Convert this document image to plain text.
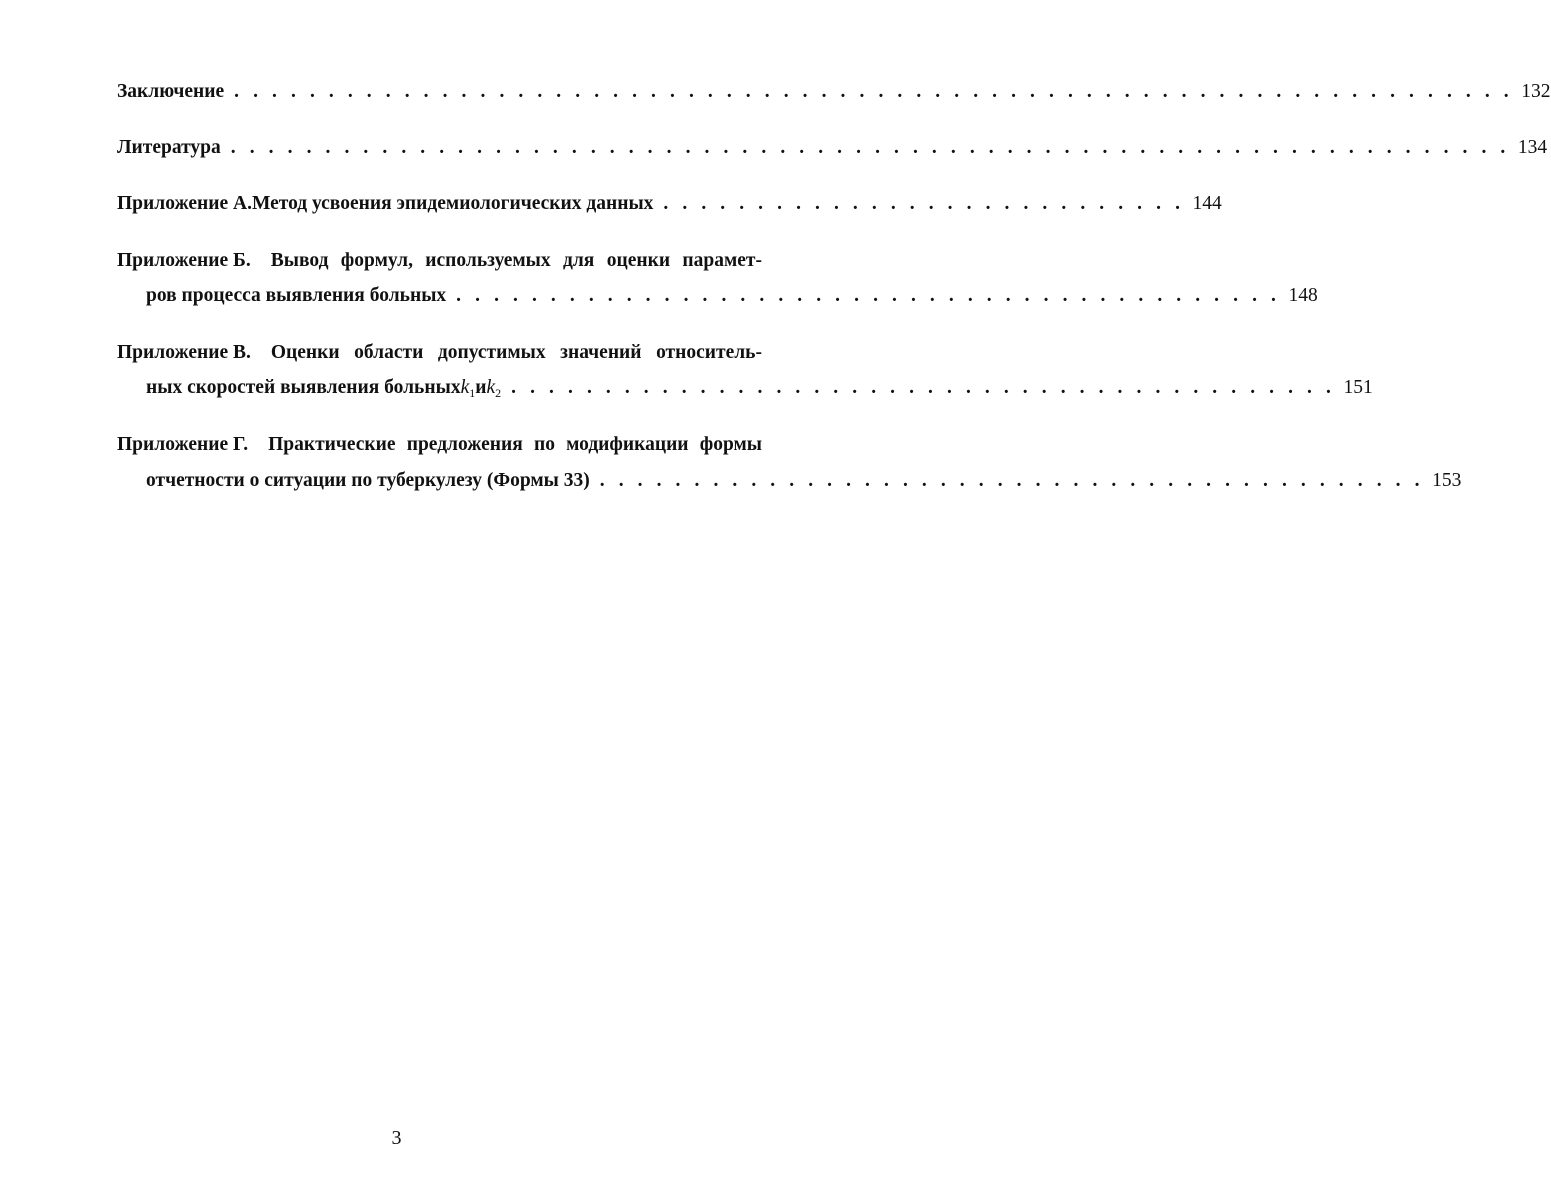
Заключение . . . . . . . . . . . . . . . . . . . . . . . . . . . . . . . . . . . . . . . . . . . . . . . . . . . . . . . . . . . . . . . . . . . . 132
Литература . . . . . . . . . . . . . . . . . . . . . . . . . . . . . . . . . . . . . . . . . . . . . . . . . . . . . . . . . . . . . . . . . . . . 134
Приложение А. Метод усвоения эпидемиологических данных . . . . . . . . . . . . . . . . . . . . . . . . . . . . 144
Приложение Б. Вывод формул, используемых для оценки парамет-
ров процесса выявления больных . . . . . . . . . . . . . . . . . . . . . . . . . . . . . . . . . . . . . . . . . . . . 148
Приложение В. Оценки области допустимых значений относитель-
ных скоростей выявления больных $k_1$ и $k_2$ . . . . . . . . . . . . . . . . . . . . . . . . . . . . . . . . . . . . . . . . . . . . 151
Приложение Г. Практические предложения по модификации формы
отчетности о ситуации по туберкулезу (Формы 33) . . . . . . . . . . . . . . . . . . . . . . . . . . . . . . . . . . . . . . . . . . . . 153
3
